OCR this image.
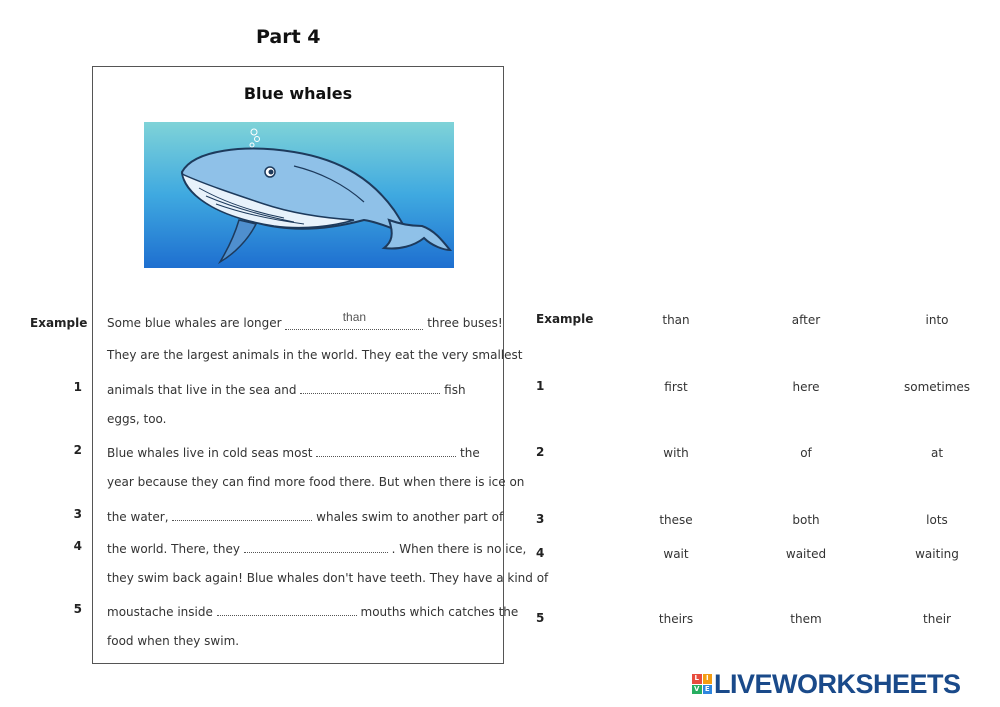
Part 4
Blue whales
Example Some blue whales are longer	than	three buses!
They are the largest animals in the world. They eat the very smallest
1 animals that live in the sea and	fish
eggs, too.
2 Blue whales live in cold seas most	the
year because they can find more food there. But when there is ice on
3 the water,	whales swim to another part of
4 the world. There, they	. When there is no ice,
they swim back again! Blue whales don't have teeth. They have a kind of
5 moustache inside	mouths which catches the
food when they swim.
Example	than	after	into
1	first	here	sometimes
2	with	of	at
3	these	both	lots
4	wait	waited	waiting
5	theirs	them	their
L I
V E LIVEWORKSHEETS
